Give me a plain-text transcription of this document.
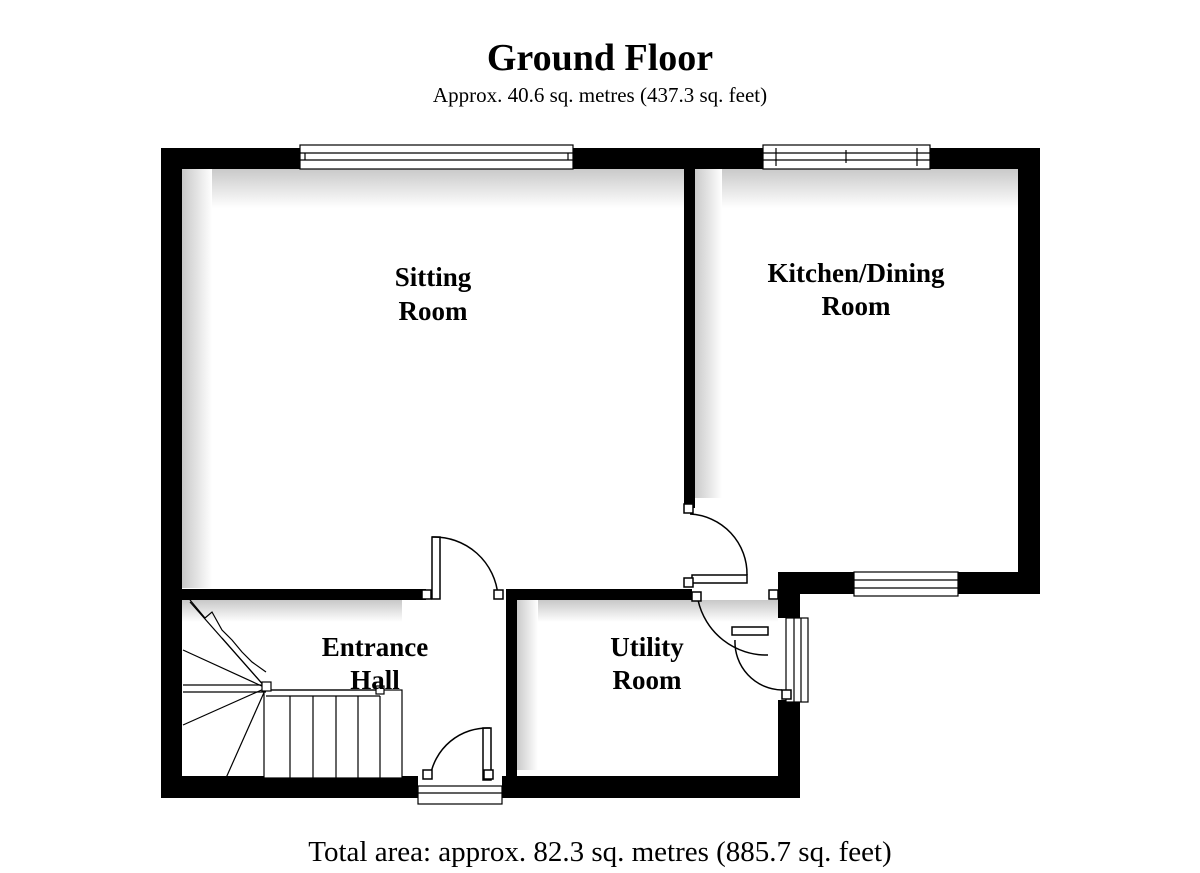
Ground Floor
Approx. 40.6 sq. metres (437.3 sq. feet)
Sitting
Room
Kitchen/Dining
Room
Entrance
Hall
Utility
Room
Total area: approx. 82.3 sq. metres (885.7 sq. feet)
